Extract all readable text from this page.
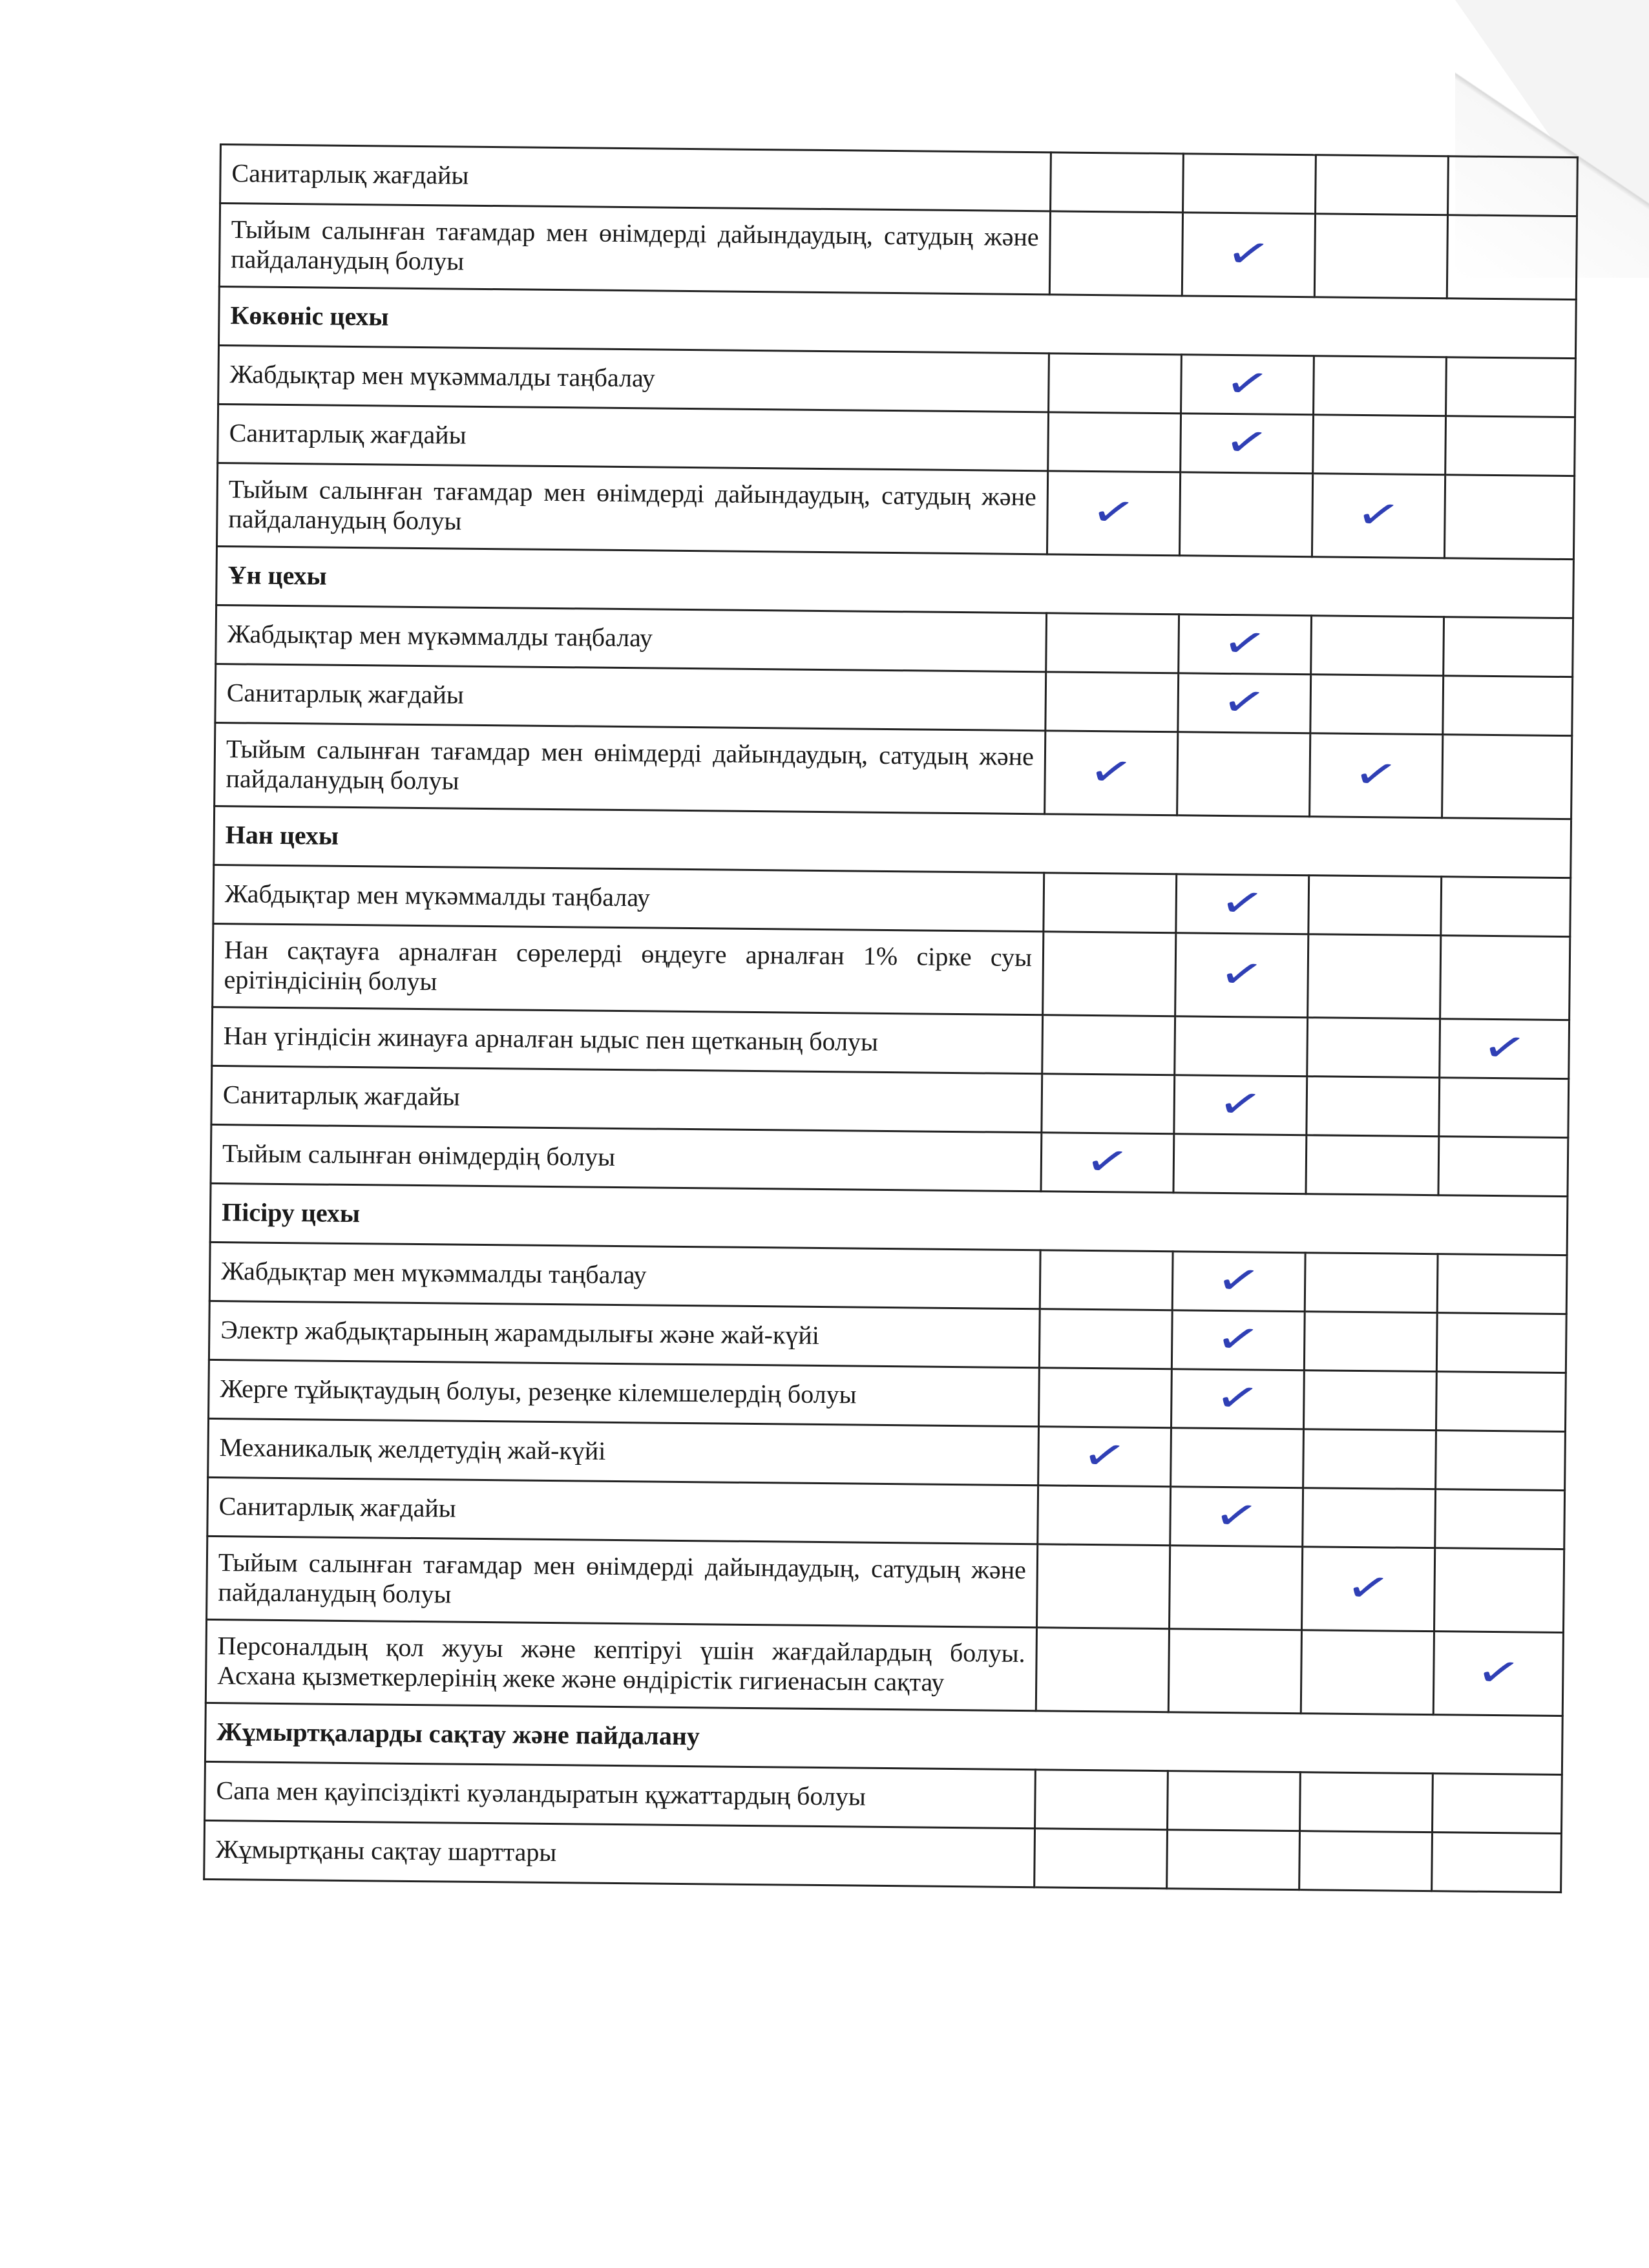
Санитарлық жағдайы				
Тыйым салынған тағамдар мен өнімдерді дайындаудың, сатудың және пайдаланудың болуы		✓		
Көкөніс цехы				
Жабдықтар мен мүкәммалды таңбалау		✓		
Санитарлық жағдайы		✓		
Тыйым салынған тағамдар мен өнімдерді дайындаудың, сатудың және пайдаланудың болуы	✓		✓	
Ұн цехы				
Жабдықтар мен мүкәммалды таңбалау		✓		
Санитарлық жағдайы		✓		
Тыйым салынған тағамдар мен өнімдерді дайындаудың, сатудың және пайдаланудың болуы	✓		✓	
Нан цехы				
Жабдықтар мен мүкәммалды таңбалау		✓		
Нан сақтауға арналған сөрелерді өңдеуге арналған 1% сірке суы ерітіндісінің болуы		✓		
Нан үгіндісін жинауға арналған ыдыс пен щетканың болуы				✓
Санитарлық жағдайы		✓		
Тыйым салынған өнімдердің болуы	✓			
Пісіру цехы				
Жабдықтар мен мүкәммалды таңбалау		✓		
Электр жабдықтарының жарамдылығы және жай-күйі		✓		
Жерге тұйықтаудың болуы, резеңке кілемшелердің болуы		✓		
Механикалық желдетудің жай-күйі	✓			
Санитарлық жағдайы		✓		
Тыйым салынған тағамдар мен өнімдерді дайындаудың, сатудың және пайдаланудың болуы			✓	
Персоналдың қол жууы және кептіруі үшін жағдайлардың болуы. Асхана қызметкерлерінің жеке және өндірістік гигиенасын сақтау				✓
Жұмыртқаларды сақтау және пайдалану				
Сапа мен қауіпсіздікті куәландыратын құжаттардың болуы				
Жұмыртқаны сақтау шарттары				
